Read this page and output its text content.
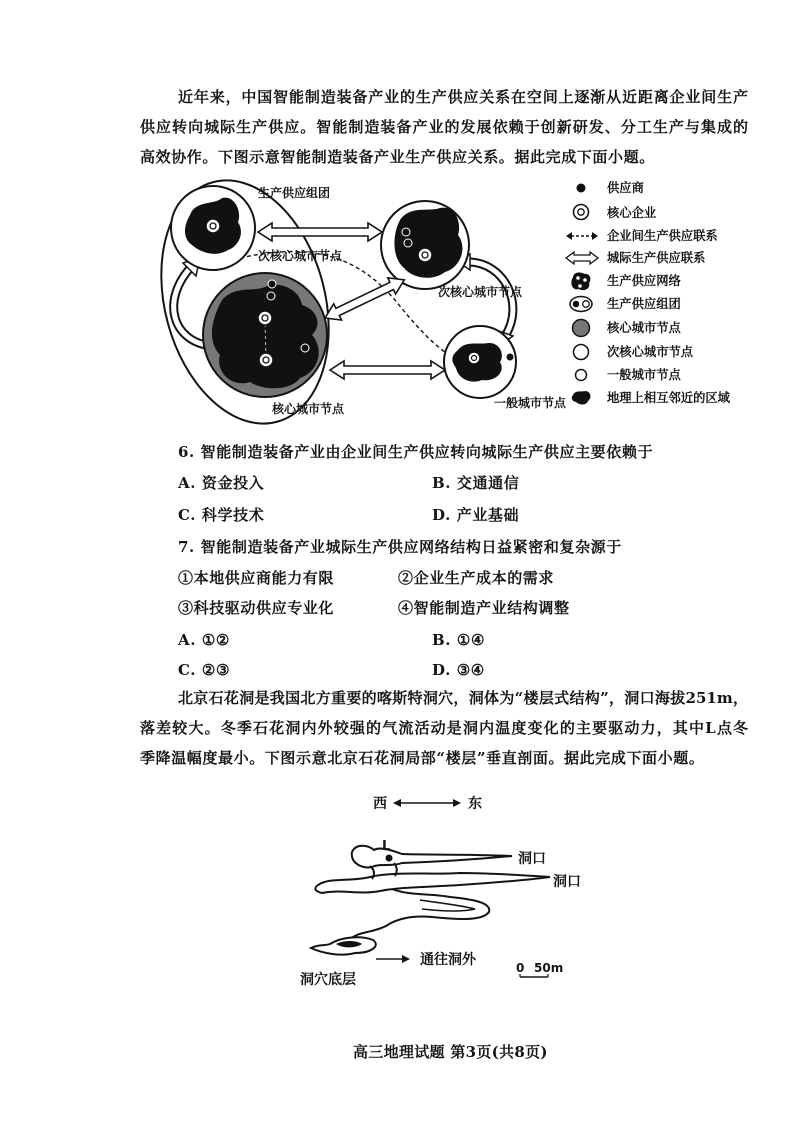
近年来，中国智能制造装备产业的生产供应关系在空间上逐渐从近距离企业间生产
供应转向城际生产供应。智能制造装备产业的发展依赖于创新研发、分工生产与集成的
高效协作。下图示意智能制造装备产业生产供应关系。据此完成下面小题。
生产供应组团
次核心城市节点
次核心城市节点
核心城市节点	一般城市节点
供应商
核心企业
企业间生产供应联系
城际生产供应联系
生产供应网络
生产供应组团
核心城市节点
次核心城市节点
一般城市节点
地理上相互邻近的区域
6. 智能制造装备产业由企业间生产供应转向城际生产供应主要依赖于
A. 资金投入	B. 交通通信
C. 科学技术	D. 产业基础
7. 智能制造装备产业城际生产供应网络结构日益紧密和复杂源于
①本地供应商能力有限	②企业生产成本的需求
③科技驱动供应专业化	④智能制造产业结构调整
A. ①②	B. ①④
C. ②③	D. ③④
北京石花洞是我国北方重要的喀斯特洞穴，洞体为“楼层式结构”，洞口海拔251m，
落差较大。冬季石花洞内外较强的气流活动是洞内温度变化的主要驱动力，其中L点冬
季降温幅度最小。下图示意北京石花洞局部“楼层”垂直剖面。据此完成下面小题。
西	东
L
洞口
洞口
通往洞外
洞穴底层
0 50m
高三地理试题 第3页(共8页)
